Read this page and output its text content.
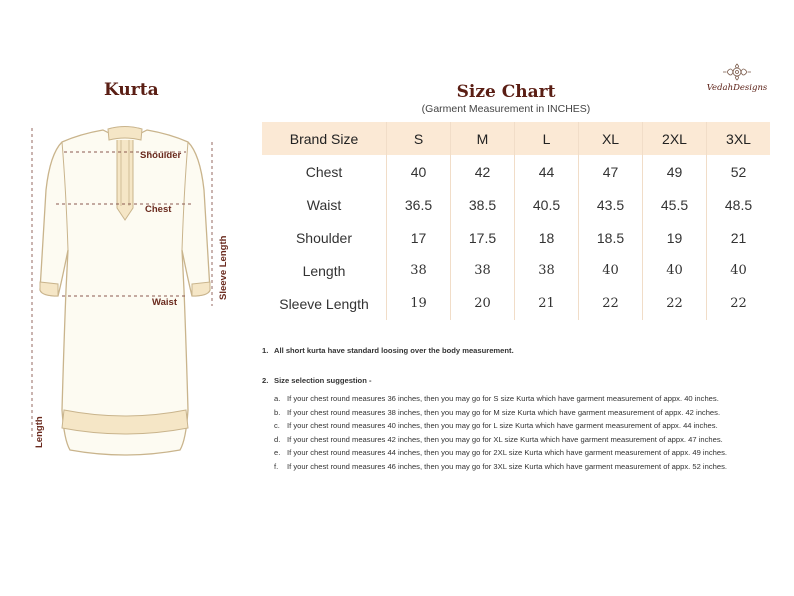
Kurta	Size Chart
(Garment Measurement in INCHES)
VedahDesigns
Shoulder
Chest
Waist
Sleeve Length
Length
Brand Size	S	M	L	XL	2XL	3XL
Chest	40	42	44	47	49	52
Waist	36.5	38.5	40.5	43.5	45.5	48.5
Shoulder	17	17.5	18	18.5	19	21
Length	38	38	38	40	40	40
Sleeve Length	19	20	21	22	22	22
1. All short kurta have standard loosing over the body measurement.
2. Size selection suggestion -
a. If your chest round measures 36 inches, then you may go for S size Kurta which have garment measurement of appx. 40 inches.
b. If your chest round measures 38 inches, then you may go for M size Kurta which have garment measurement of appx. 42 inches.
c. If your chest round measures 40 inches, then you may go for L size Kurta which have garment measurement of appx. 44 inches.
d. If your chest round measures 42 inches, then you may go for XL size Kurta which have garment measurement of appx. 47 inches.
e. If your chest round measures 44 inches, then you may go for 2XL size Kurta which have garment measurement of appx. 49 inches.
f. If your chest round measures 46 inches, then you may go for 3XL size Kurta which have garment measurement of appx. 52 inches.
